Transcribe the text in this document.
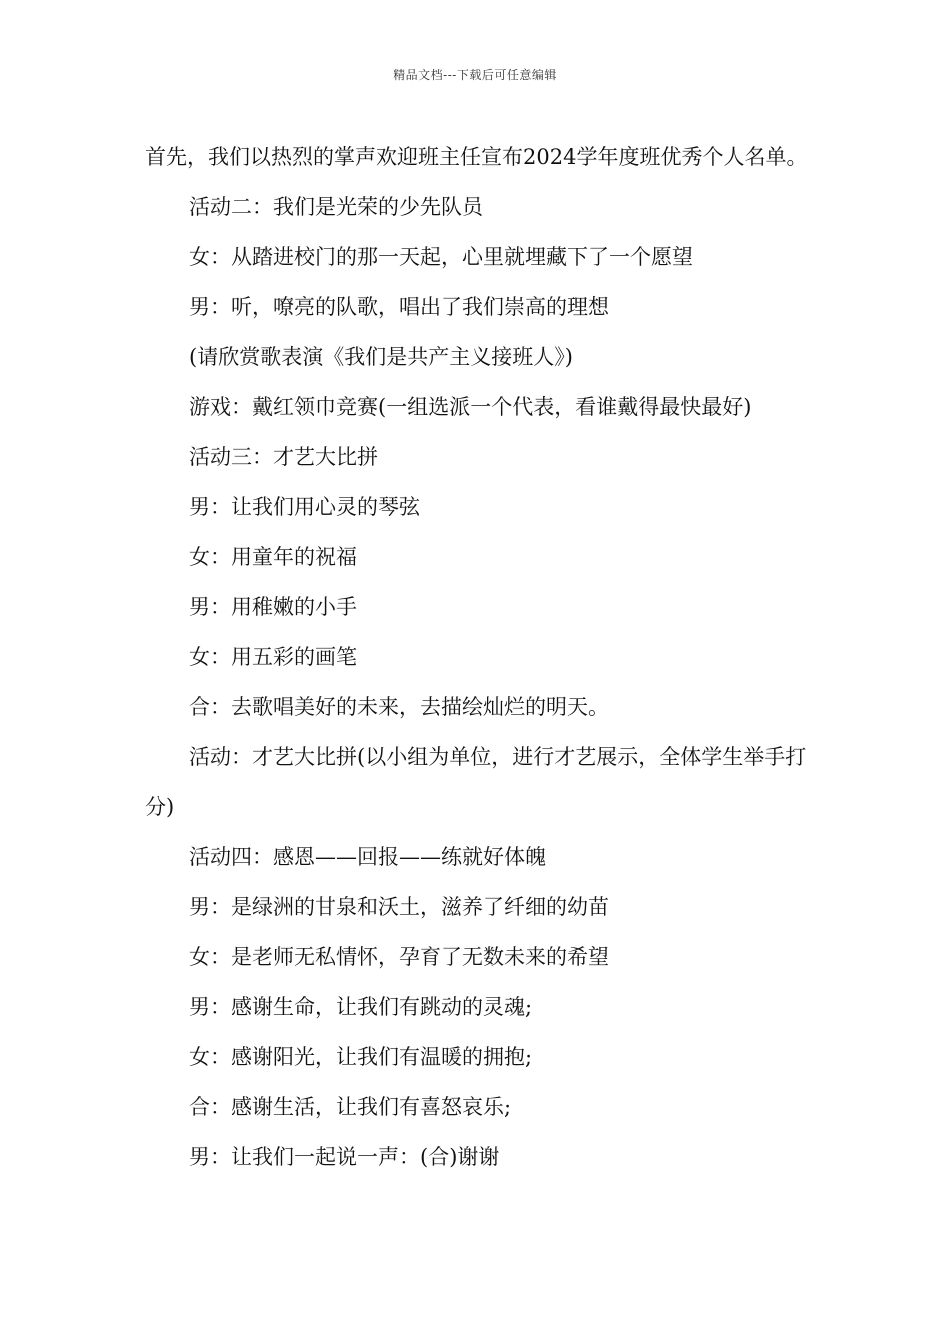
精品文档---下载后可任意编辑

首先，我们以热烈的掌声欢迎班主任宣布2024学年度班优秀个人名单。

活动二：我们是光荣的少先队员

女：从踏进校门的那一天起，心里就埋藏下了一个愿望

男：听，嘹亮的队歌，唱出了我们崇高的理想

(请欣赏歌表演《我们是共产主义接班人》)

游戏：戴红领巾竞赛(一组选派一个代表，看谁戴得最快最好)

活动三：才艺大比拼

男：让我们用心灵的琴弦

女：用童年的祝福

男：用稚嫩的小手

女：用五彩的画笔

合：去歌唱美好的未来，去描绘灿烂的明天。

活动：才艺大比拼(以小组为单位，进行才艺展示，全体学生举手打分)

活动四：感恩——回报——练就好体魄

男：是绿洲的甘泉和沃土，滋养了纤细的幼苗

女：是老师无私情怀，孕育了无数未来的希望

男：感谢生命，让我们有跳动的灵魂;

女：感谢阳光，让我们有温暖的拥抱;

合：感谢生活，让我们有喜怒哀乐;

男：让我们一起说一声：(合)谢谢
